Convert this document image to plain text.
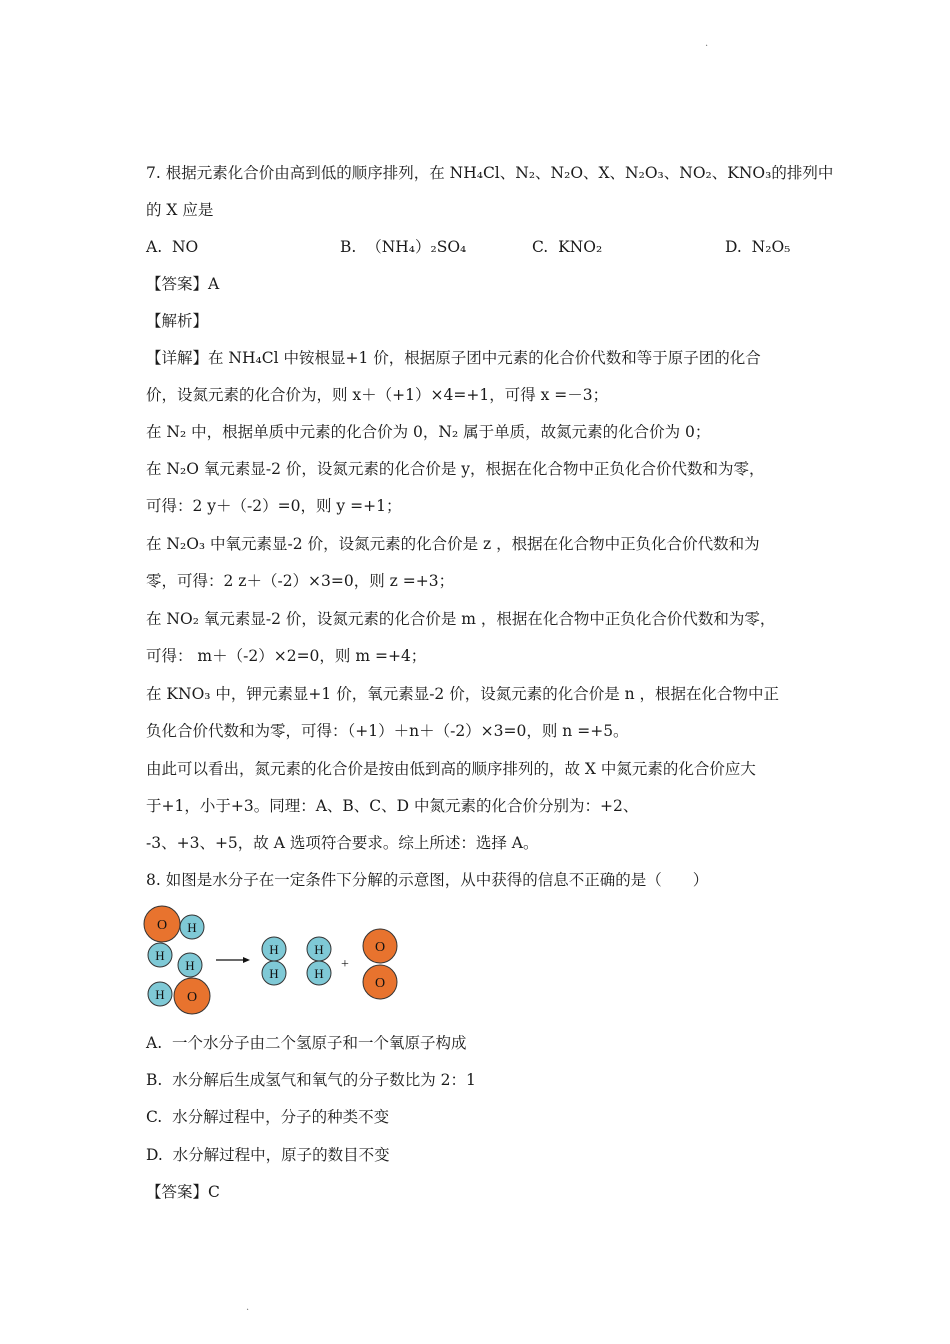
.
7. 根据元素化合价由高到低的顺序排列，在 NH₄Cl、N₂、N₂O、X、N₂O₃、NO₂、KNO₃的排列中
的 X 应是
A. NO	B. （NH₄）₂SO₄	C. KNO₂	D. N₂O₅
【答案】A
【解析】
【详解】在 NH₄Cl 中铵根显+1 价，根据原子团中元素的化合价代数和等于原子团的化合
价，设氮元素的化合价为，则 x＋（+1）×4=+1，可得 x =－3；
在 N₂ 中，根据单质中元素的化合价为 0，N₂ 属于单质，故氮元素的化合价为 0；
在 N₂O 氧元素显-2 价，设氮元素的化合价是 y，根据在化合物中正负化合价代数和为零，
可得：2 y＋（-2）=0，则 y =+1；
在 N₂O₃ 中氧元素显-2 价，设氮元素的化合价是 z ，根据在化合物中正负化合价代数和为
零，可得：2 z＋（-2）×3=0，则 z =+3；
在 NO₂ 氧元素显-2 价，设氮元素的化合价是 m ，根据在化合物中正负化合价代数和为零，
可得： m＋（-2）×2=0，则 m =+4；
在 KNO₃ 中，钾元素显+1 价，氧元素显-2 价，设氮元素的化合价是 n ，根据在化合物中正
负化合价代数和为零，可得：（+1）＋n＋（-2）×3=0，则 n =+5。
由此可以看出，氮元素的化合价是按由低到高的顺序排列的，故 X 中氮元素的化合价应大
于+1，小于+3。同理：A、B、C、D 中氮元素的化合价分别为：+2、
-3、+3、+5，故 A 选项符合要求。综上所述：选择 A。
8. 如图是水分子在一定条件下分解的示意图，从中获得的信息不正确的是（　　）
O H
H
H
H O
H
H
H
H
+
O
O
A. 一个水分子由二个氢原子和一个氧原子构成
B. 水分解后生成氢气和氧气的分子数比为 2：1
C. 水分解过程中，分子的种类不变
D. 水分解过程中，原子的数目不变
【答案】C
.
